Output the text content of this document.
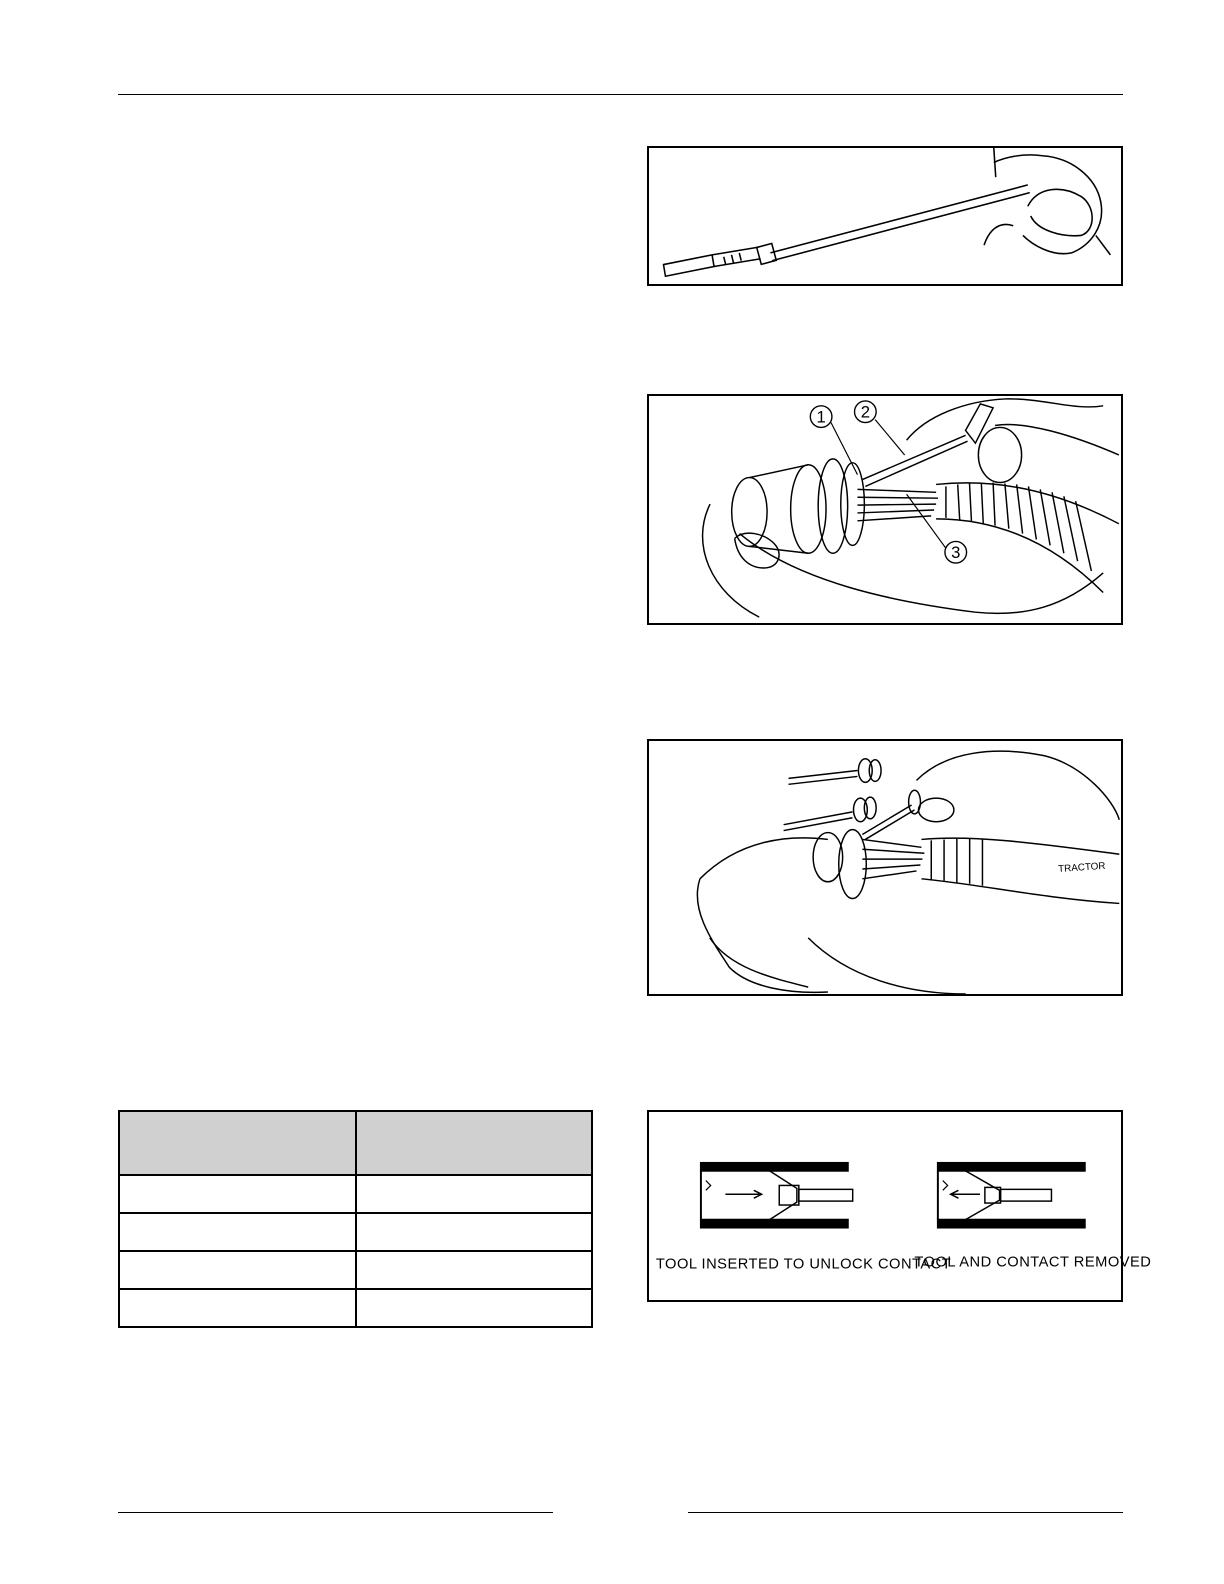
1 2
3
TRACTOR

TOOL INSERTED TO UNLOCK CONTACT
TOOL AND CONTACT REMOVED
